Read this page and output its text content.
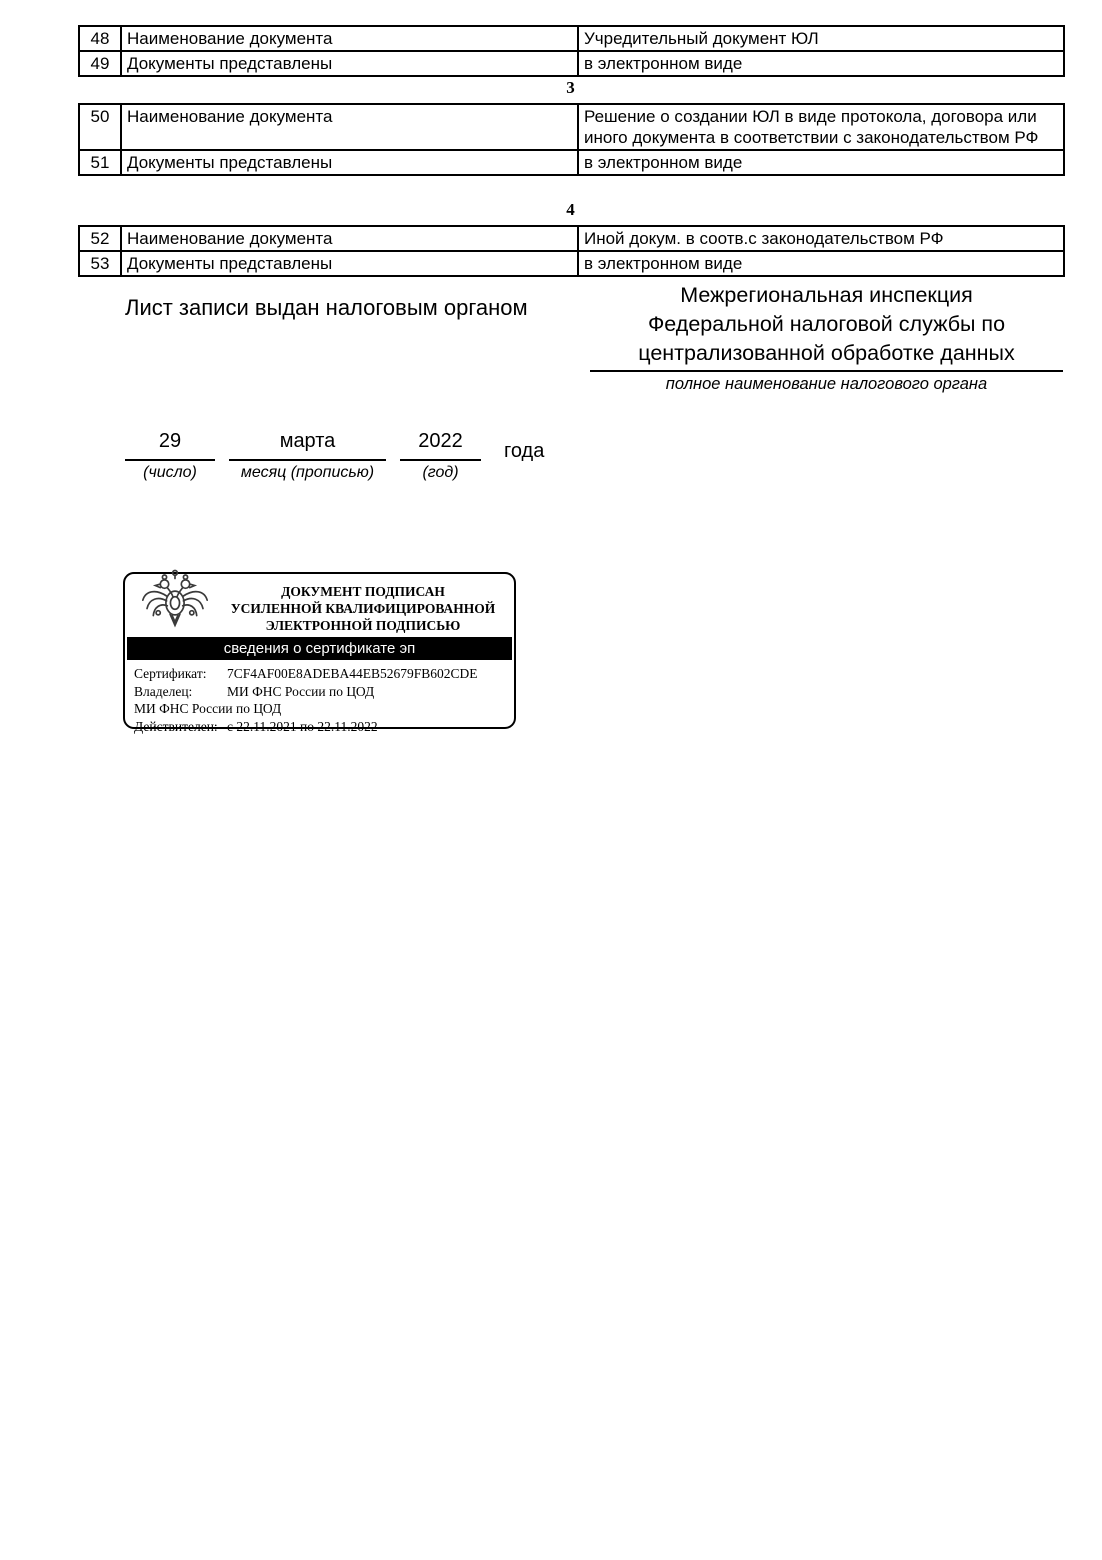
48	Наименование документа	Учредительный документ ЮЛ
49	Документы представлены	в электронном виде
3
50	Наименование документа	Решение о создании ЮЛ в виде протокола, договора или иного документа в соответствии с законодательством РФ
51	Документы представлены	в электронном виде
4
52	Наименование документа	Иной докум. в соотв.с законодательством РФ
53	Документы представлены	в электронном виде
Лист записи выдан налоговым органом	Межрегиональная инспекция
Федеральной налоговой службы по
централизованной обработке данных
полное наименование налогового органа
29
(число)
марта
месяц (прописью)
2022
(год)
года
ДОКУМЕНТ ПОДПИСАН
УСИЛЕННОЙ КВАЛИФИЦИРОВАННОЙ
ЭЛЕКТРОННОЙ ПОДПИСЬЮ
сведения о сертификате эп
Сертификат: 7CF4AF00E8ADEBA44EB52679FB602CDE
Владелец:	МИ ФНС России по ЦОД
МИ ФНС России по ЦОД
Действителен: с 22.11.2021 по 22.11.2022
